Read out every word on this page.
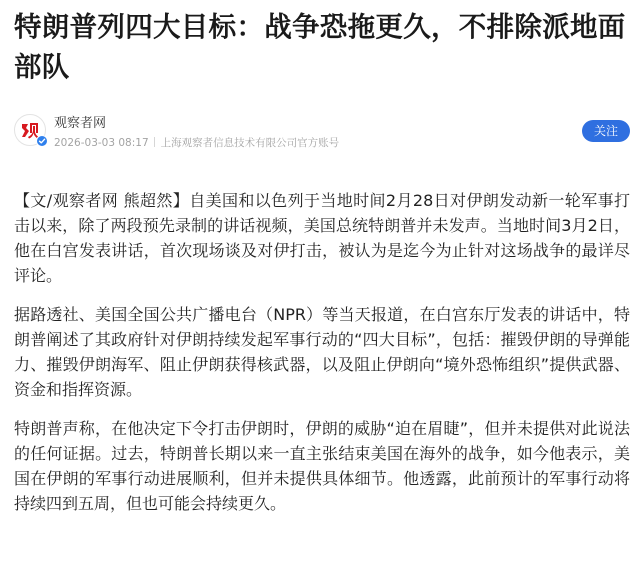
特朗普列四大目标：战争恐拖更久，不排除派地面部队
观察者网
2026-03-03 08:17 上海观察者信息技术有限公司官方账号
关注

【文/观察者网 熊超然】自美国和以色列于当地时间2月28日对伊朗发动新一轮军事打击以来，除了两段预先录制的讲话视频，美国总统特朗普并未发声。当地时间3月2日，他在白宫发表讲话，首次现场谈及对伊打击，被认为是迄今为止针对这场战争的最详尽评论。

据路透社、美国全国公共广播电台（NPR）等当天报道，在白宫东厅发表的讲话中，特朗普阐述了其政府针对伊朗持续发起军事行动的“四大目标”，包括：摧毁伊朗的导弹能力、摧毁伊朗海军、阻止伊朗获得核武器，以及阻止伊朗向“境外恐怖组织”提供武器、资金和指挥资源。

特朗普声称，在他决定下令打击伊朗时，伊朗的威胁“迫在眉睫”，但并未提供对此说法的任何证据。过去，特朗普长期以来一直主张结束美国在海外的战争，如今他表示，美国在伊朗的军事行动进展顺利，但并未提供具体细节。他透露，此前预计的军事行动将持续四到五周，但也可能会持续更久。
